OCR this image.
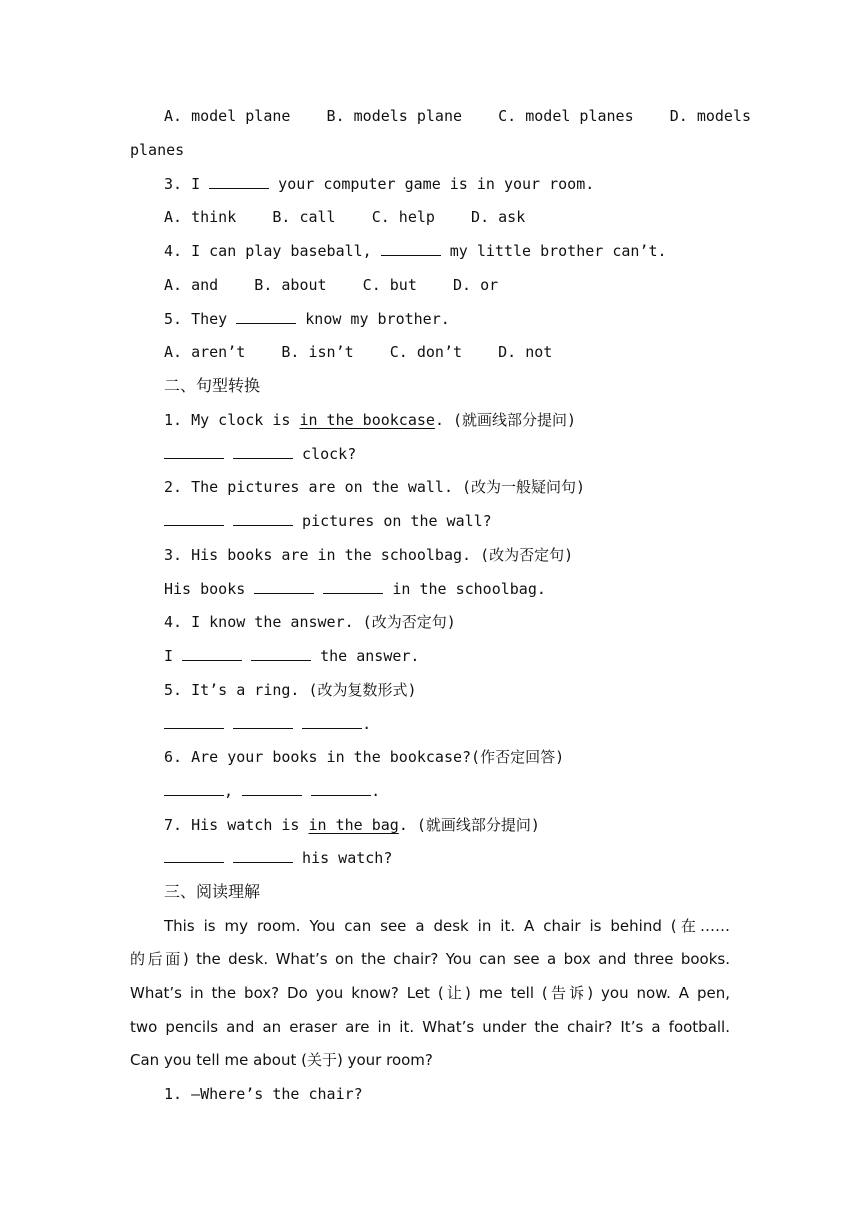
A. model plane    B. models plane    C. model planes    D. models
planes
3. I	your computer game is in your room.
A. think    B. call    C. help    D. ask
4. I can play baseball,	my little brother can’t.
A. and    B. about    C. but    D. or
5. They	know my brother.
A. aren’t    B. isn’t    C. don’t    D. not
二、句型转换
1. My clock is in the bookcase. (就画线部分提问)
clock?
2. The pictures are on the wall. (改为一般疑问句)
pictures on the wall?
3. His books are in the schoolbag. (改为否定句)
His books	in the schoolbag.
4. I know the answer. (改为否定句)
I	the answer.
5. It’s a ring. (改为复数形式)
.
6. Are your books in the bookcase?(作否定回答)
,	.
7. His watch is in the bag. (就画线部分提问)
his watch?
三、阅读理解
This is my room. You can see a desk in it. A chair is behind (在……
的后面) the desk. What’s on the chair? You can see a box and three books.
What’s in the box? Do you know? Let (让) me tell (告诉) you now. A pen,
two pencils and an eraser are in it. What’s under the chair? It’s a football.
Can you tell me about (关于) your room?
1. —Where’s the chair?
